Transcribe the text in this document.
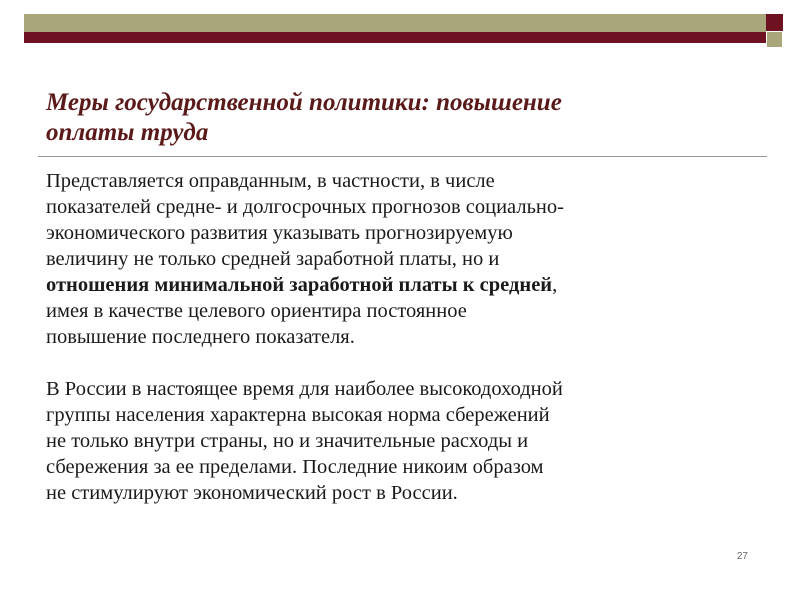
Меры государственной политики: повышение
оплаты труда

Представляется оправданным, в частности, в числе
показателей средне- и долгосрочных прогнозов социально-
экономического развития указывать прогнозируемую
величину не только средней заработной платы, но и
отношения минимальной заработной платы к средней,
имея в качестве целевого ориентира постоянное
повышение последнего показателя.

В России в настоящее время для наиболее высокодоходной
группы населения характерна высокая норма сбережений
не только внутри страны, но и значительные расходы и
сбережения за ее пределами. Последние никоим образом
не стимулируют экономический рост в России.

27
